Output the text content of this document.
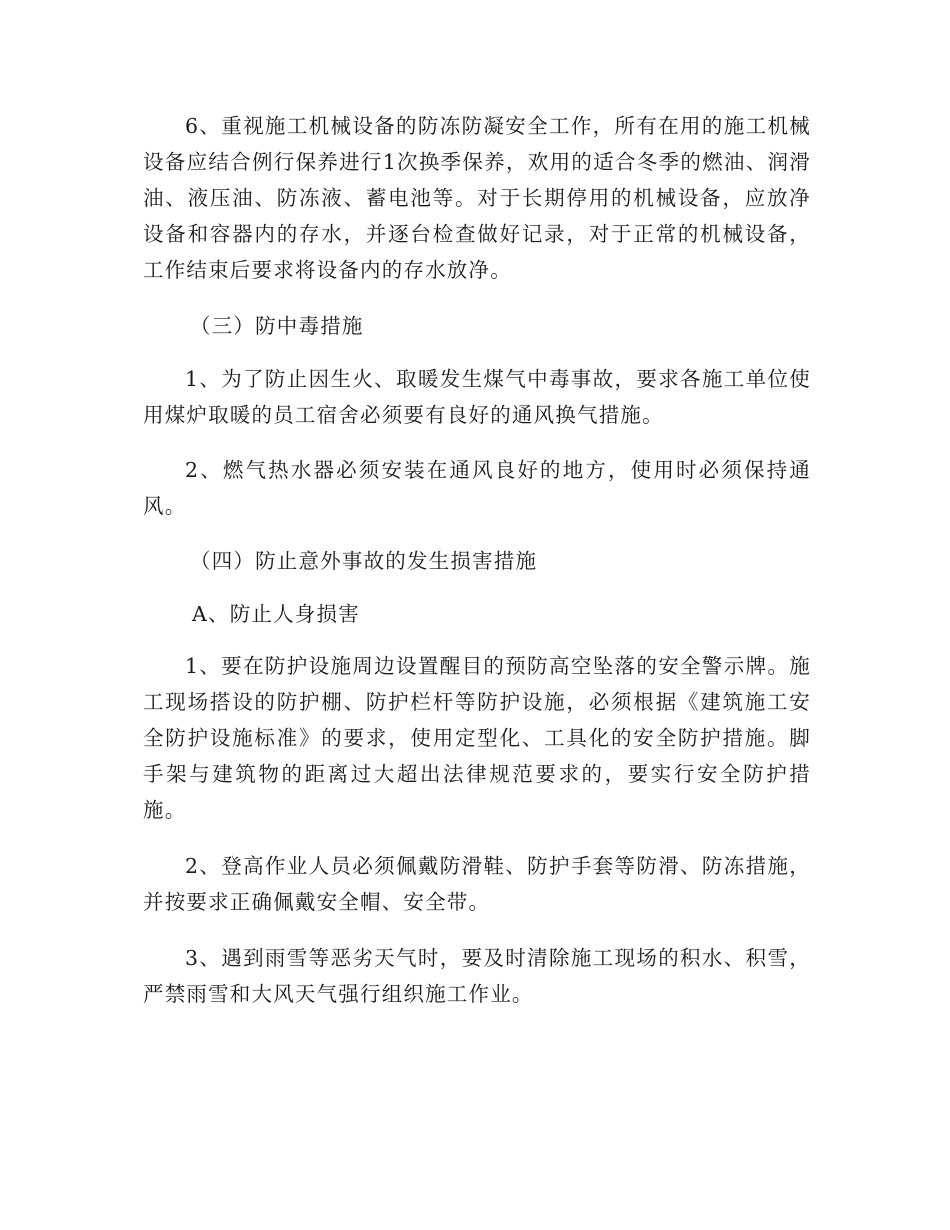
6、重视施工机械设备的防冻防凝安全工作，所有在用的施工机械设备应结合例行保养进行1次换季保养，欢用的适合冬季的燃油、润滑油、液压油、防冻液、蓄电池等。对于长期停用的机械设备，应放净设备和容器内的存水，并逐台检查做好记录，对于正常的机械设备，工作结束后要求将设备内的存水放净。

（三）防中毒措施

1、为了防止因生火、取暖发生煤气中毒事故，要求各施工单位使用煤炉取暖的员工宿舍必须要有良好的通风换气措施。

2、燃气热水器必须安装在通风良好的地方，使用时必须保持通风。

（四）防止意外事故的发生损害措施

A、防止人身损害

1、要在防护设施周边设置醒目的预防高空坠落的安全警示牌。施工现场搭设的防护棚、防护栏杆等防护设施，必须根据《建筑施工安全防护设施标准》的要求，使用定型化、工具化的安全防护措施。脚手架与建筑物的距离过大超出法律规范要求的，要实行安全防护措施。

2、登高作业人员必须佩戴防滑鞋、防护手套等防滑、防冻措施，并按要求正确佩戴安全帽、安全带。

3、遇到雨雪等恶劣天气时，要及时清除施工现场的积水、积雪，严禁雨雪和大风天气强行组织施工作业。
